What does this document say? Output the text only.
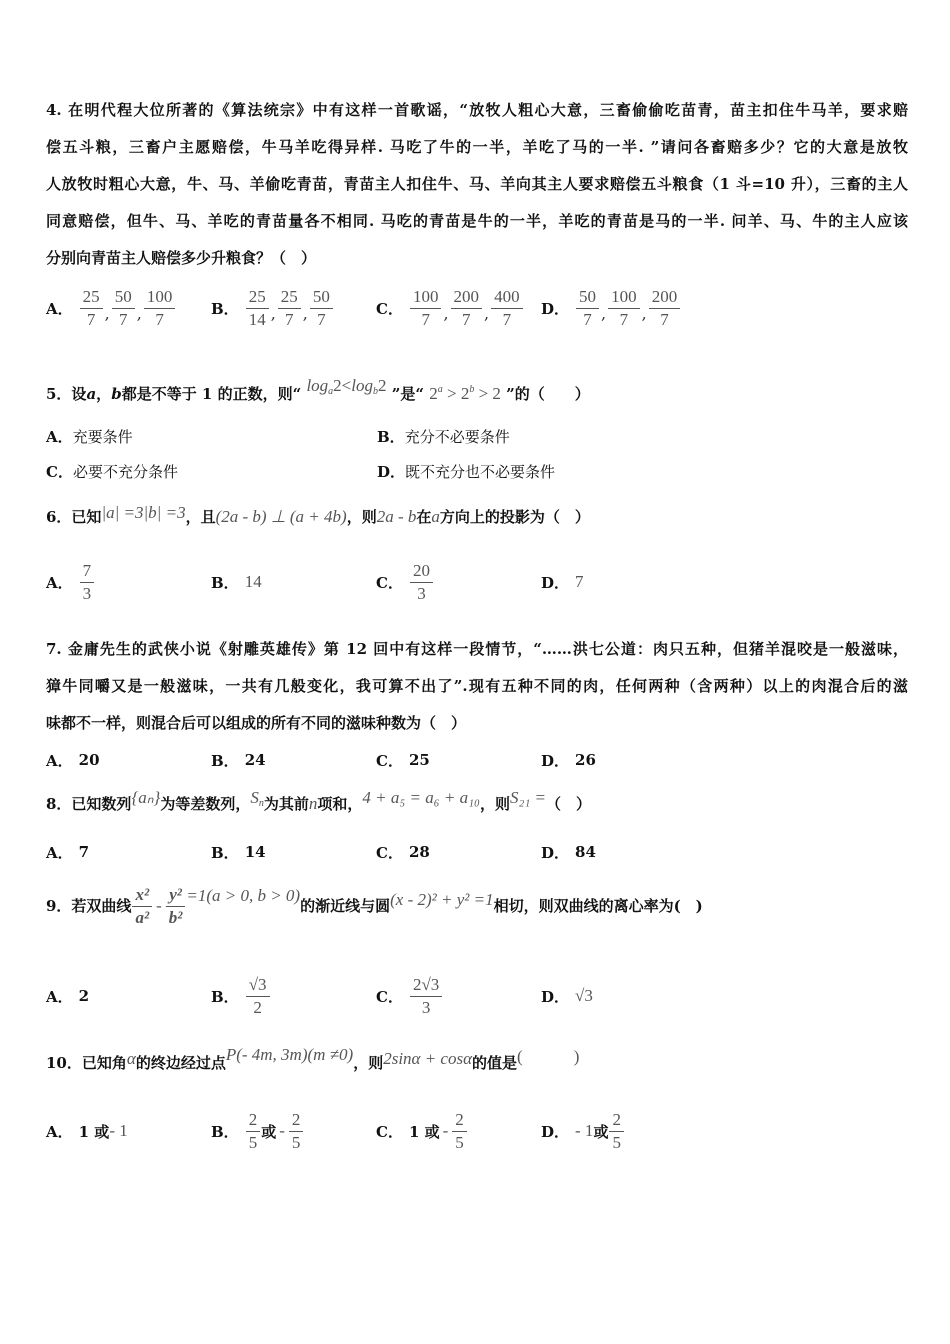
4. 在明代程大位所著的《算法统宗》中有这样一首歌谣，“放牧人粗心大意，三畜偷偷吃苗青，苗主扣住牛马羊，要求赔
偿五斗粮，三畜户主愿赔偿，牛马羊吃得异样. 马吃了牛的一半，羊吃了马的一半. ”请问各畜赔多少？它的大意是放牧
人放牧时粗心大意，牛、马、羊偷吃青苗，青苗主人扣住牛、马、羊向其主人要求赔偿五斗粮食（1 斗=10 升），三畜的主人
同意赔偿，但牛、马、羊吃的青苗量各不相同. 马吃的青苗是牛的一半，羊吃的青苗是马的一半. 问羊、马、牛的主人应该
分别向青苗主人赔偿多少升粮食？（　）
A． $\frac{25}{7}$ , $\frac{50}{7}$ , $\frac{100}{7}$ B． $\frac{25}{14}$ , $\frac{25}{7}$ , $\frac{50}{7}$	C． $\frac{100}{7}$ , $\frac{200}{7}$ , $\frac{400}{7}$ D． $\frac{50}{7}$ , $\frac{100}{7}$ , $\frac{200}{7}$
5．设a，b都是不等于 1 的正数，则“ $\log_a2<\log_b2$ ”是“ $2^a > 2^b > 2$ ”的（　　）
A．充要条件	B．充分不必要条件
C．必要不充分条件	D．既不充分也不必要条件
6．已知|a| =3|b| =3，且(2a - b) ⊥ (a + 4b)，则2a - b在a方向上的投影为（　）
A． $\frac{7}{3}$	B． 14	C． $\frac{20}{3}$	D． 7
7. 金庸先生的武侠小说《射雕英雄传》第 12 回中有这样一段情节，“……洪七公道：肉只五种，但猪羊混咬是一般滋味，
獐牛同嚼又是一般滋味，一共有几般变化，我可算不出了”.现有五种不同的肉，任何两种（含两种）以上的肉混合后的滋
味都不一样，则混合后可以组成的所有不同的滋味种数为（　）
A． 20	B． 24	C． 25	D． 26
8．已知数列{aₙ}为等差数列，$S^n$为其前n项和，4 + a₅ = a₆ + a₁₀，则S₂₁ =（　）
A． 7	B． 14	C． 28	D． 84
9．若双曲线 $\frac{\text{x²}}{\text{a²}} - \frac{\text{y²}}{\text{b²}} =1(a > 0$, b > 0)
的渐近线与圆 (x - 2)² + y² =1 相切，则双曲线的离心率为(　)
A． 2	B． $\frac{√3}{2}$	C． $\frac{2√3}{3}$	D． √3
10．已知角α的终边经过点P(- 4m, 3m)(m ≠0)，则2sinα + cosα的值是(　　　)
A． 1 或 - 1	B． $\frac{2}{5}$ 或 - $\frac{2}{5}$	C． 1 或 - $\frac{2}{5}$	D． - 1 或 $\frac{2}{5}$
